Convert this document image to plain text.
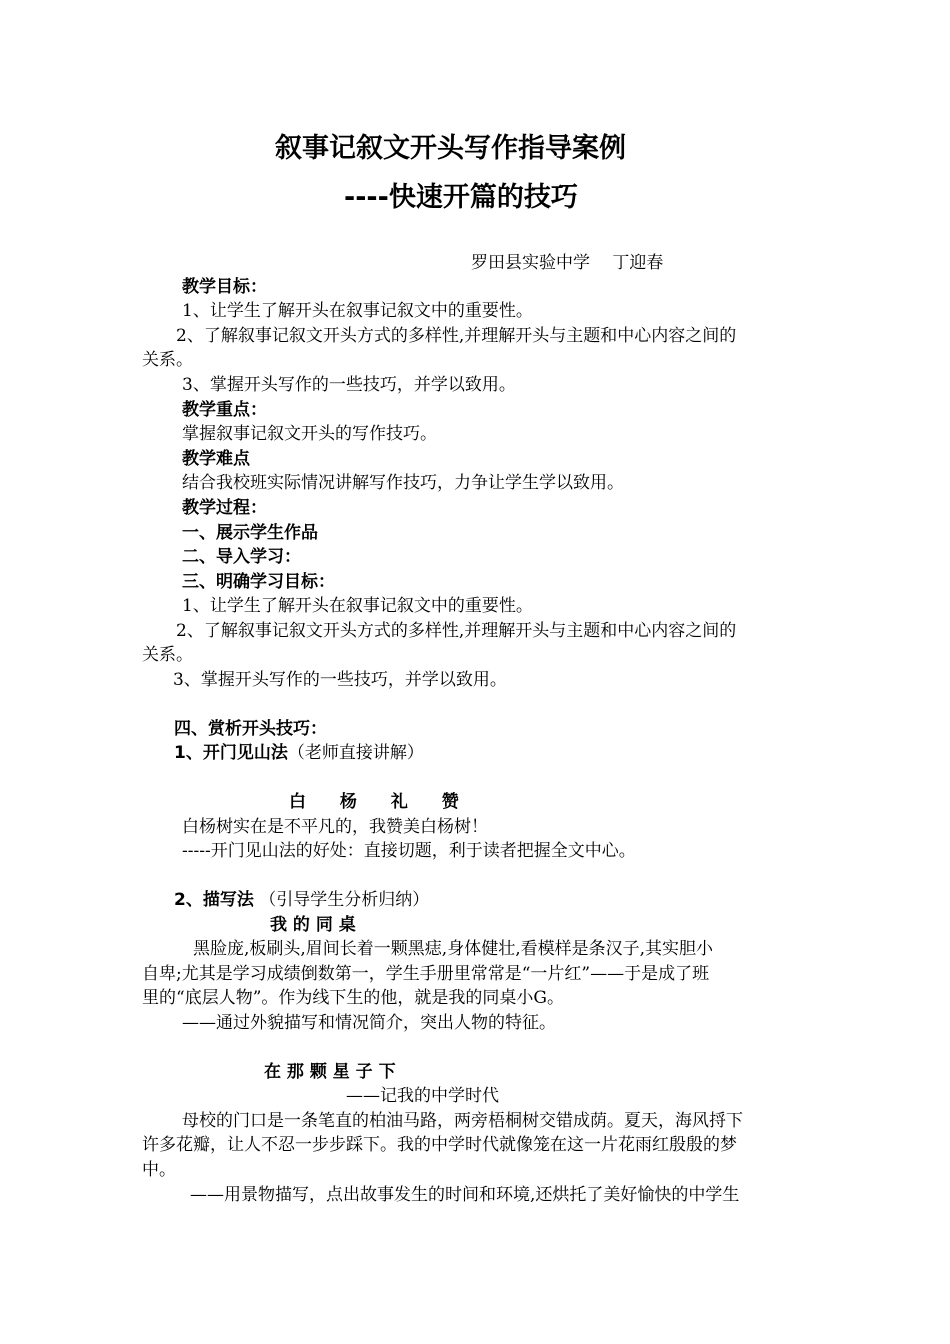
叙事记叙文开头写作指导案例
----快速开篇的技巧
罗田县实验中学　 丁迎春
教学目标：
1、让学生了解开头在叙事记叙文中的重要性。
2、了解叙事记叙文开头方式的多样性,并理解开头与主题和中心内容之间的
关系。
3、掌握开头写作的一些技巧，并学以致用。
教学重点：
掌握叙事记叙文开头的写作技巧。
教学难点
结合我校班实际情况讲解写作技巧，力争让学生学以致用。
教学过程：
一、展示学生作品
二、导入学习：
三、明确学习目标：
1、让学生了解开头在叙事记叙文中的重要性。
2、了解叙事记叙文开头方式的多样性,并理解开头与主题和中心内容之间的
关系。
3、掌握开头写作的一些技巧，并学以致用。
四、赏析开头技巧：
1、开门见山法（老师直接讲解）
白 杨 礼 赞
白杨树实在是不平凡的，我赞美白杨树！
-----开门见山法的好处：直接切题，利于读者把握全文中心。
2、描写法 （引导学生分析归纳）
我 的 同 桌
黑脸庞,板刷头,眉间长着一颗黑痣,身体健壮,看模样是条汉子,其实胆小
自卑;尤其是学习成绩倒数第一，学生手册里常常是“一片红”——于是成了班
里的“底层人物”。作为线下生的他，就是我的同桌小G。
——通过外貌描写和情况简介，突出人物的特征。
在 那 颗 星 子 下
——记我的中学时代
母校的门口是一条笔直的柏油马路，两旁梧桐树交错成荫。夏天，海风捋下
许多花瓣，让人不忍一步步踩下。我的中学时代就像笼在这一片花雨红殷殷的梦
中。
——用景物描写，点出故事发生的时间和环境,还烘托了美好愉快的中学生
